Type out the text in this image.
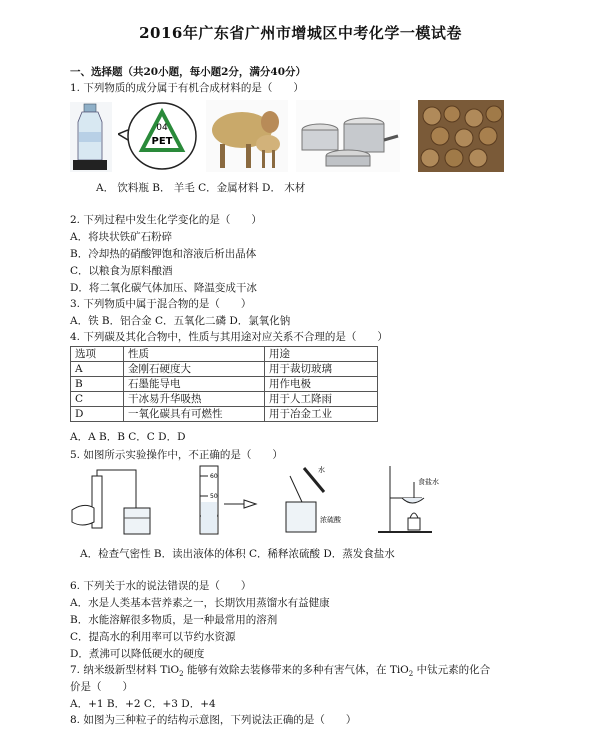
2016年广东省广州市增城区中考化学一模试卷
一、选择题（共20小题，每小题2分，满分40分）
1. 下列物质的成分属于有机合成材料的是（　　）
04
PET
A． 饮料瓶 B． 羊毛 C．金属材料 D． 木材
2. 下列过程中发生化学变化的是（　　）
A．将块状铁矿石粉碎
B．冷却热的硝酸钾饱和溶液后析出晶体
C．以粮食为原料酿酒
D．将二氧化碳气体加压、降温变成干冰
3. 下列物质中属于混合物的是（　　）
A．铁 B．铝合金 C．五氧化二磷 D．氯氧化钠
4. 下列碳及其化合物中，性质与其用途对应关系不合理的是（　　）
选项	性质	用途
A	金刚石硬度大	用于裁切玻璃
B	石墨能导电	用作电极
C	干冰易升华吸热	用于人工降雨
D	一氧化碳具有可燃性	用于冶金工业
A．A B．B C．C D．D
5. 如图所示实验操作中，不正确的是（　　）
60
50
水
浓硫酸
食盐水
A．检查气密性 B．读出液体的体积 C．稀释浓硫酸 D．蒸发食盐水
6. 下列关于水的说法错误的是（　　）
A．水是人类基本营养素之一，长期饮用蒸馏水有益健康
B．水能溶解很多物质，是一种最常用的溶剂
C．提高水的利用率可以节约水资源
D．煮沸可以降低硬水的硬度
7. 纳米级新型材料 TiO$_2$ 能够有效除去装修带来的多种有害气体，在 TiO$_2$ 中钛元素的化合
价是（　　）
A．+1 B．+2 C．+3 D．+4
8. 如图为三种粒子的结构示意图，下列说法正确的是（　　）
